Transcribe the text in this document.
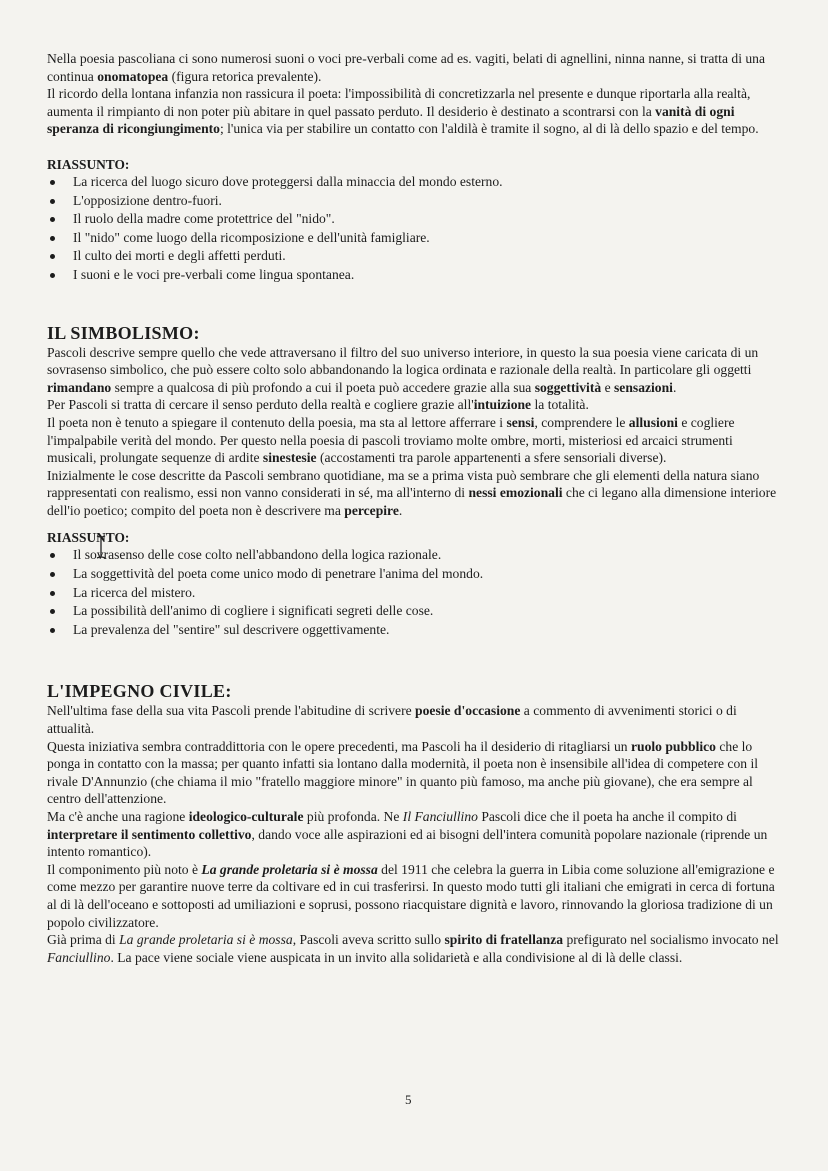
Nella poesia pascoliana ci sono numerosi suoni o voci pre-verbali come ad es. vagiti, belati di agnellini, ninna nanne, si tratta di una continua onomatopea (figura retorica prevalente).

Il ricordo della lontana infanzia non rassicura il poeta: l'impossibilità di concretizzarla nel presente e dunque riportarla alla realtà, aumenta il rimpianto di non poter più abitare in quel passato perduto. Il desiderio è destinato a scontrarsi con la vanità di ogni speranza di ricongiungimento; l'unica via per stabilire un contatto con l'aldilà è tramite il sogno, al di là dello spazio e del tempo.

RIASSUNTO:

La ricerca del luogo sicuro dove proteggersi dalla minaccia del mondo esterno.
L'opposizione dentro-fuori.
Il ruolo della madre come protettrice del "nido".
Il "nido" come luogo della ricomposizione e dell'unità famigliare.
Il culto dei morti e degli affetti perduti.
I suoni e le voci pre-verbali come lingua spontanea.
IL SIMBOLISMO:

Pascoli descrive sempre quello che vede attraversano il filtro del suo universo interiore, in questo la sua poesia viene caricata di un sovrasenso simbolico, che può essere colto solo abbandonando la logica ordinata e razionale della realtà. In particolare gli oggetti rimandano sempre a qualcosa di più profondo a cui il poeta può accedere grazie alla sua soggettività e sensazioni.

Per Pascoli si tratta di cercare il senso perduto della realtà e cogliere grazie all'intuizione la totalità.

Il poeta non è tenuto a spiegare il contenuto della poesia, ma sta al lettore afferrare i sensi, comprendere le allusioni e cogliere l'impalpabile verità del mondo. Per questo nella poesia di pascoli troviamo molte ombre, morti, misteriosi ed arcaici strumenti musicali, prolungate sequenze di ardite sinestesie (accostamenti tra parole appartenenti a sfere sensoriali diverse).

Inizialmente le cose descritte da Pascoli sembrano quotidiane, ma se a prima vista può sembrare che gli elementi della natura siano rappresentati con realismo, essi non vanno considerati in sé, ma all'interno di nessi emozionali che ci legano alla dimensione interiore dell'io poetico; compito del poeta non è descrivere ma percepire.

RIASSUNTO:

Il sovrasenso delle cose colto nell'abbandono della logica razionale.
La soggettività del poeta come unico modo di penetrare l'anima del mondo.
La ricerca del mistero.
La possibilità dell'animo di cogliere i significati segreti delle cose.
La prevalenza del "sentire" sul descrivere oggettivamente.
L'IMPEGNO CIVILE:

Nell'ultima fase della sua vita Pascoli prende l'abitudine di scrivere poesie d'occasione a commento di avvenimenti storici o di attualità.

Questa iniziativa sembra contraddittoria con le opere precedenti, ma Pascoli ha il desiderio di ritagliarsi un ruolo pubblico che lo ponga in contatto con la massa; per quanto infatti sia lontano dalla modernità, il poeta non è insensibile all'idea di competere con il rivale D'Annunzio (che chiama il mio "fratello maggiore minore" in quanto più famoso, ma anche più giovane), che era sempre al centro dell'attenzione.

Ma c'è anche una ragione ideologico-culturale più profonda. Ne Il Fanciullino Pascoli dice che il poeta ha anche il compito di interpretare il sentimento collettivo, dando voce alle aspirazioni ed ai bisogni dell'intera comunità popolare nazionale (riprende un intento romantico).

Il componimento più noto è La grande proletaria si è mossa del 1911 che celebra la guerra in Libia come soluzione all'emigrazione e come mezzo per garantire nuove terre da coltivare ed in cui trasferirsi. In questo modo tutti gli italiani che emigrati in cerca di fortuna al di là dell'oceano e sottoposti ad umiliazioni e soprusi, possono riacquistare dignità e lavoro, rinnovando la gloriosa tradizione di un popolo civilizzatore.

Già prima di La grande proletaria si è mossa, Pascoli aveva scritto sullo spirito di fratellanza prefigurato nel socialismo invocato nel Fanciullino. La pace viene sociale viene auspicata in un invito alla solidarietà e alla condivisione al di là delle classi.

5
